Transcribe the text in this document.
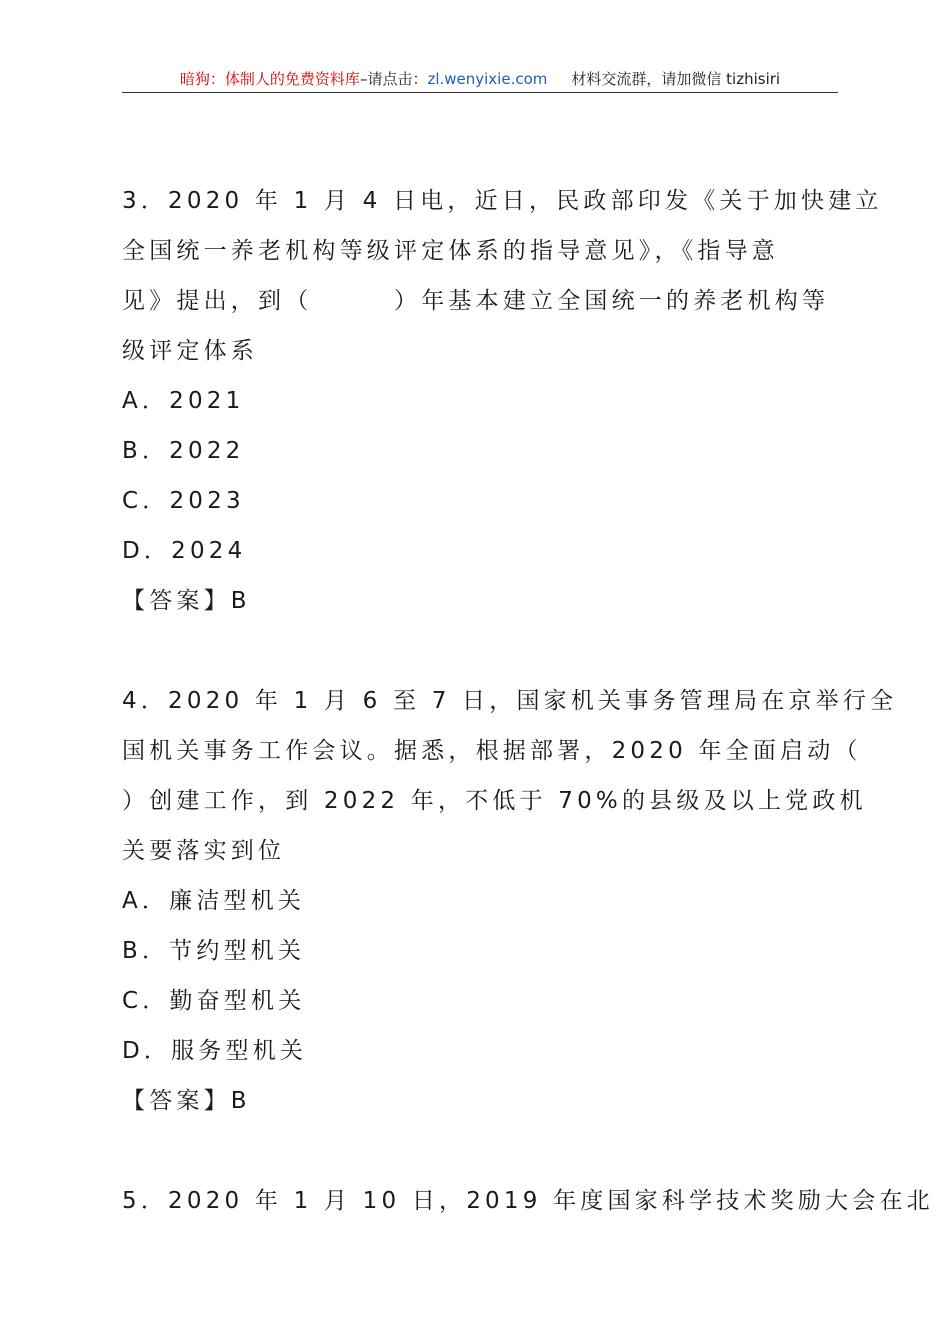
暗狗：体制人的免费资料库–请点击：zl.wenyixie.com 材料交流群，请加微信 tizhisiri
3．2020 年 1 月 4 日电，近日，民政部印发《关于加快建立
全国统一养老机构等级评定体系的指导意见》，《指导意
见》提出，到（　　　）年基本建立全国统一的养老机构等
级评定体系
A．2021
B．2022
C．2023
D．2024
【答案】B
4．2020 年 1 月 6 至 7 日，国家机关事务管理局在京举行全
国机关事务工作会议。据悉，根据部署，2020 年全面启动（
）创建工作，到 2022 年，不低于 70%的县级及以上党政机
关要落实到位
A．廉洁型机关
B．节约型机关
C．勤奋型机关
D．服务型机关
【答案】B
5．2020 年 1 月 10 日，2019 年度国家科学技术奖励大会在北
